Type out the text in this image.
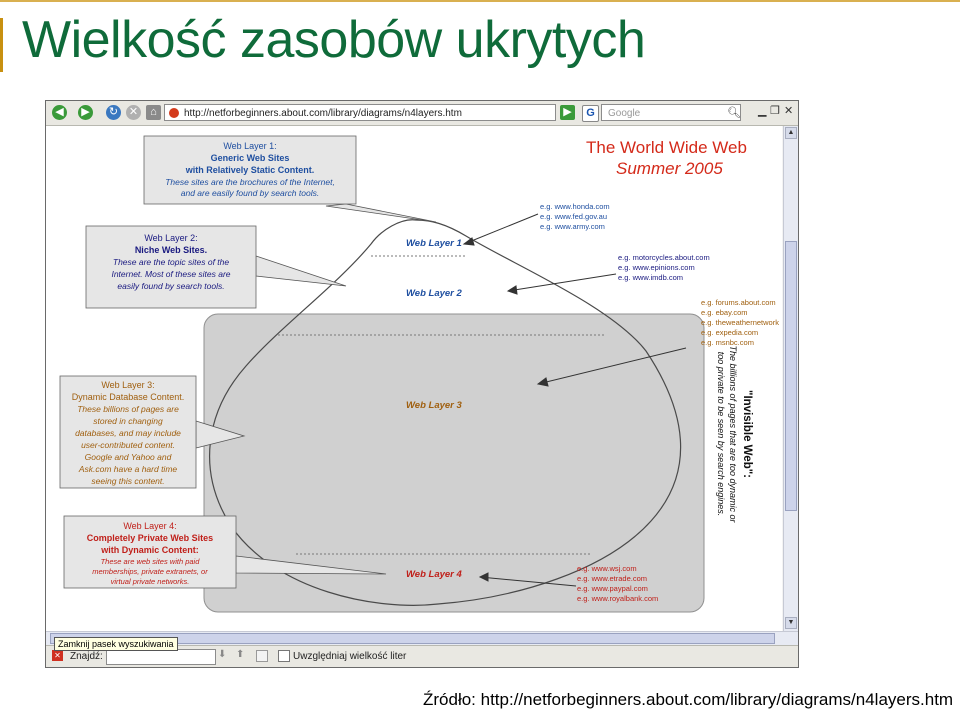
Wielkość zasobów ukrytych
◀ ▶ ↻ ✕	⌂	http://netforbeginners.about.com/library/diagrams/n4layers.htm	▶	G	Google	🔍︎ ▁ ❐ ✕
The World Wide Web
Summer 2005
Web Layer 1
Web Layer 2
Web Layer 3
Web Layer 4
Web Layer 1:
Generic Web Sites
with Relatively Static Content.
These sites are the brochures of the Internet,
and are easily found by search tools.
Web Layer 2:
Niche Web Sites.
These are the topic sites of the
Internet. Most of these sites are
easily found by search tools.
Web Layer 3:
Dynamic Database Content.
These billions of pages are
stored in changing
databases, and may include
user-contributed content.
Google and Yahoo and
Ask.com have a hard time
seeing this content.
Web Layer 4:
Completely Private Web Sites
with Dynamic Content:
These are web sites with paid
memberships, private extranets, or
virtual private networks.
e.g. www.honda.com
e.g. www.fed.gov.au
e.g. www.army.com
e.g. motorcycles.about.com
e.g. www.epinions.com
e.g. www.imdb.com
e.g. forums.about.com
e.g. ebay.com
e.g. theweathernetwork
e.g. expedia.com
e.g. msnbc.com
e.g. www.wsj.com
e.g. www.etrade.com
e.g. www.paypal.com
e.g. www.royalbank.com
"Invisible Web":
The billions of pages that are too dynamic or
too private to be seen by search engines.
▲
▼
Zamknij pasek wyszukiwania
✕ Znajdź:	⬇ ⬆	Uwzględniaj wielkość liter
Źródło: http://netforbeginners.about.com/library/diagrams/n4layers.htm
